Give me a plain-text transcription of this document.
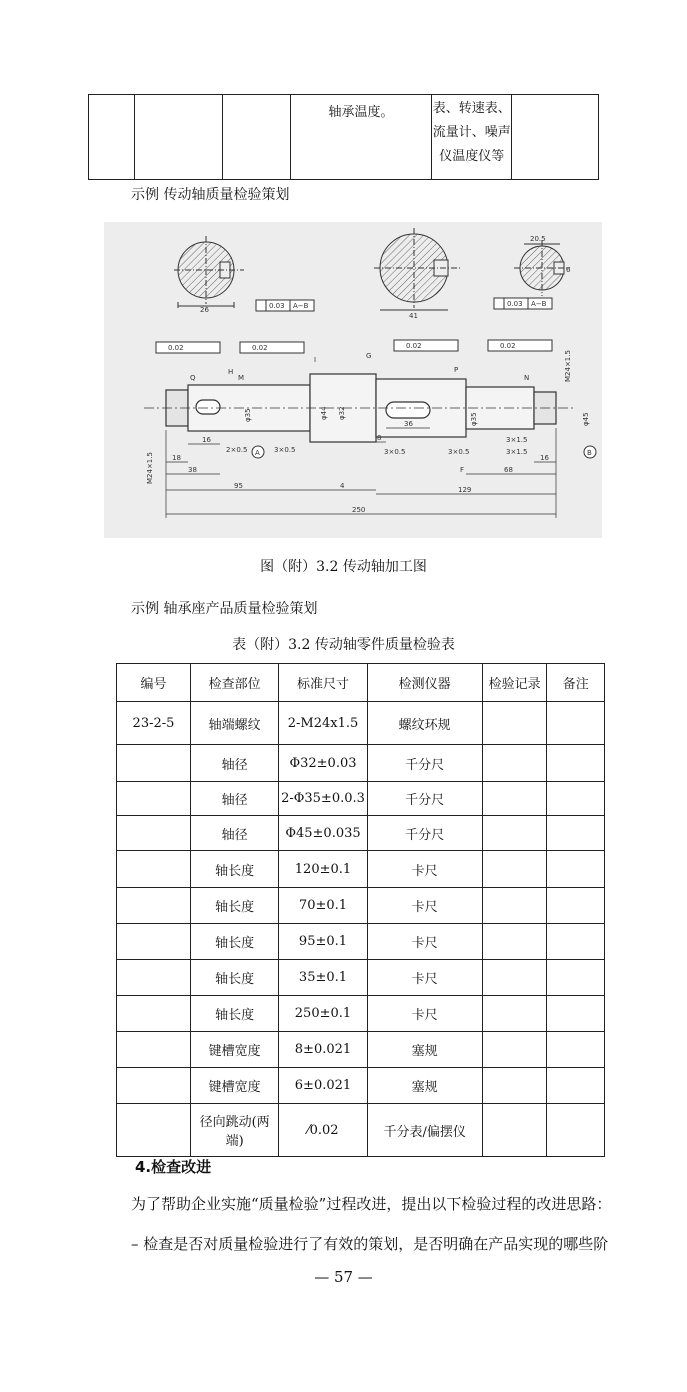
			轴承温度。	表、转速表、
流量计、噪声
仪温度仪等	
示例 传动轴质量检验策划
26	0.03 A−B
41
0.03 A−B
20.5
6
0.02	0.02	0.02	0.02
H
M
Q
I	G
P
N
F
A	B
φ35	φ44 φ32	φ35	φ45
M24×1.5
M24×1.5
2×0.5	3×0.5	3×0.5	3×0.5
3×1.5
3×1.5
16
18
38
95	4
8
36
129
68
16
250
图（附）3.2 传动轴加工图
示例 轴承座产品质量检验策划
表（附）3.2 传动轴零件质量检验表
编号	检查部位	标准尺寸	检测仪器	检验记录	备注
23-2-5	轴端螺纹	2-M24x1.5	螺纹环规		
	轴径	Φ32±0.03	千分尺		
	轴径	2-Φ35±0.0.3	千分尺		
	轴径	Φ45±0.035	千分尺		
	轴长度	120±0.1	卡尺		
	轴长度	70±0.1	卡尺		
	轴长度	95±0.1	卡尺		
	轴长度	35±0.1	卡尺		
	轴长度	250±0.1	卡尺		
	键槽宽度	8±0.021	塞规		
	键槽宽度	6±0.021	塞规		
	径向跳动(两
端)	⁄0.02	千分表/偏摆仪		
4.检查改进
为了帮助企业实施“质量检验”过程改进，提出以下检验过程的改进思路：
– 检查是否对质量检验进行了有效的策划，是否明确在产品实现的哪些阶
— 57 —
